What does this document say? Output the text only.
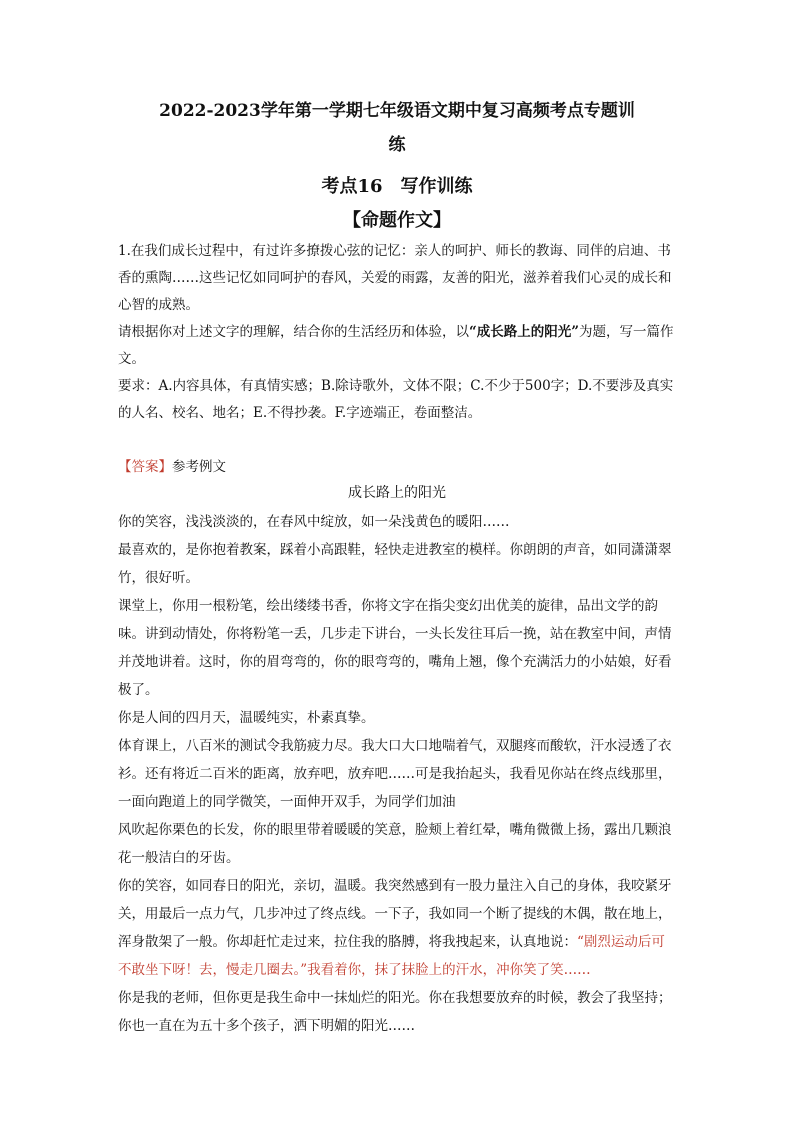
2022-2023学年第一学期七年级语文期中复习高频考点专题训
练
考点16　写作训练
【命题作文】
1.在我们成长过程中，有过许多撩拨心弦的记忆：亲人的呵护、师长的教诲、同伴的启迪、书香的熏陶……这些记忆如同呵护的春风，关爱的雨露，友善的阳光，滋养着我们心灵的成长和心智的成熟。
请根据你对上述文字的理解，结合你的生活经历和体验，以“成长路上的阳光”为题，写一篇作文。
要求：A.内容具体，有真情实感；B.除诗歌外，文体不限；C.不少于500字；D.不要涉及真实的人名、校名、地名；E.不得抄袭。F.字迹端正，卷面整洁。
【答案】参考例文
成长路上的阳光
你的笑容，浅浅淡淡的，在春风中绽放，如一朵浅黄色的暖阳……
最喜欢的，是你抱着教案，踩着小高跟鞋，轻快走进教室的模样。你朗朗的声音，如同潇潇翠竹，很好听。
课堂上，你用一根粉笔，绘出缕缕书香，你将文字在指尖变幻出优美的旋律，品出文学的韵味。讲到动情处，你将粉笔一丢，几步走下讲台，一头长发往耳后一挽，站在教室中间，声情并茂地讲着。这时，你的眉弯弯的，你的眼弯弯的，嘴角上翘，像个充满活力的小姑娘，好看极了。
你是人间的四月天，温暖纯实，朴素真挚。
体育课上，八百米的测试令我筋疲力尽。我大口大口地喘着气，双腿疼而酸软，汗水浸透了衣衫。还有将近二百米的距离，放弃吧，放弃吧……可是我抬起头，我看见你站在终点线那里，一面向跑道上的同学微笑，一面伸开双手，为同学们加油
风吹起你栗色的长发，你的眼里带着暖暖的笑意，脸颊上着红晕，嘴角微微上扬，露出几颗浪花一般洁白的牙齿。
你的笑容，如同春日的阳光，亲切，温暖。我突然感到有一股力量注入自己的身体，我咬紧牙关，用最后一点力气，几步冲过了终点线。一下子，我如同一个断了提线的木偶，散在地上，浑身散架了一般。你却赶忙走过来，拉住我的胳膊，将我拽起来，认真地说：“剧烈运动后可不敢坐下呀！去，慢走几圈去。”我看着你，抹了抹脸上的汗水，冲你笑了笑……
你是我的老师，但你更是我生命中一抹灿烂的阳光。你在我想要放弃的时候，教会了我坚持；你也一直在为五十多个孩子，洒下明媚的阳光……
